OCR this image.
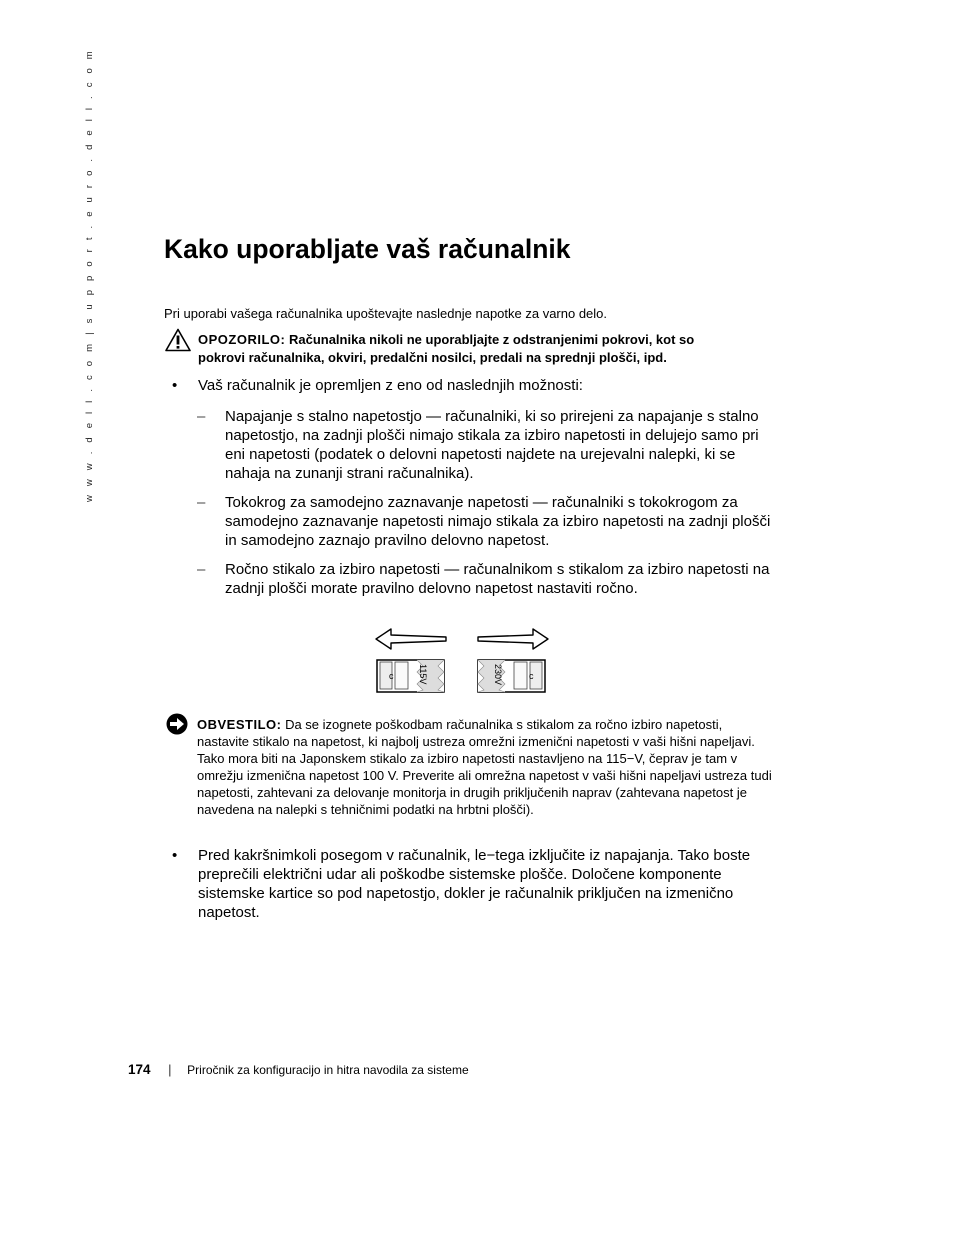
w w w . d e l l . c o m | s u p p o r t . e u r o . d e l l . c o m	Kako uporabljate vaš računalnik
Pri uporabi vašega računalnika upoštevajte naslednje napotke za varno delo.
OPOZORILO: Računalnika nikoli ne uporabljajte z odstranjenimi pokrovi, kot so
pokrovi računalnika, okviri, predalčni nosilci, predali na sprednji plošči, ipd.
• Vaš računalnik je opremljen z eno od naslednjih možnosti:
– Napajanje s stalno napetostjo — računalniki, ki so prirejeni za napajanje s stalno napetostjo, na zadnji plošči nimajo stikala za izbiro napetosti in delujejo samo pri eni napetosti (podatek o delovni napetosti najdete na urejevalni nalepki, ki se nahaja na zunanji strani računalnika).
– Tokokrog za samodejno zaznavanje napetosti — računalniki s tokokrogom za samodejno zaznavanje napetosti nimajo stikala za izbiro napetosti na zadnji plošči in samodejno zaznajo pravilno delovno napetost.
– Ročno stikalo za izbiro napetosti — računalnikom s stikalom za izbiro napetosti na zadnji plošči morate pravilno delovno napetost nastaviti ročno.
115V
c	230V	c
OBVESTILO: Da se izognete poškodbam računalnika s stikalom za ročno izbiro napetosti, nastavite stikalo na napetost, ki najbolj ustreza omrežni izmenični napetosti v vaši hišni napeljavi. Tako mora biti na Japonskem stikalo za izbiro napetosti nastavljeno na 115−V, čeprav je tam v omrežju izmenična napetost 100 V. Preverite ali omrežna napetost v vaši hišni napeljavi ustreza tudi napetosti, zahtevani za delovanje monitorja in drugih priključenih naprav (zahtevana napetost je navedena na nalepki s tehničnimi podatki na hrbtni plošči).
• Pred kakršnimkoli posegom v računalnik, le−tega izključite iz napajanja. Tako boste preprečili električni udar ali poškodbe sistemske plošče. Določene komponente sistemske kartice so pod napetostjo, dokler je računalnik priključen na izmenično napetost.
174 | Priročnik za konfiguracijo in hitra navodila za sisteme
